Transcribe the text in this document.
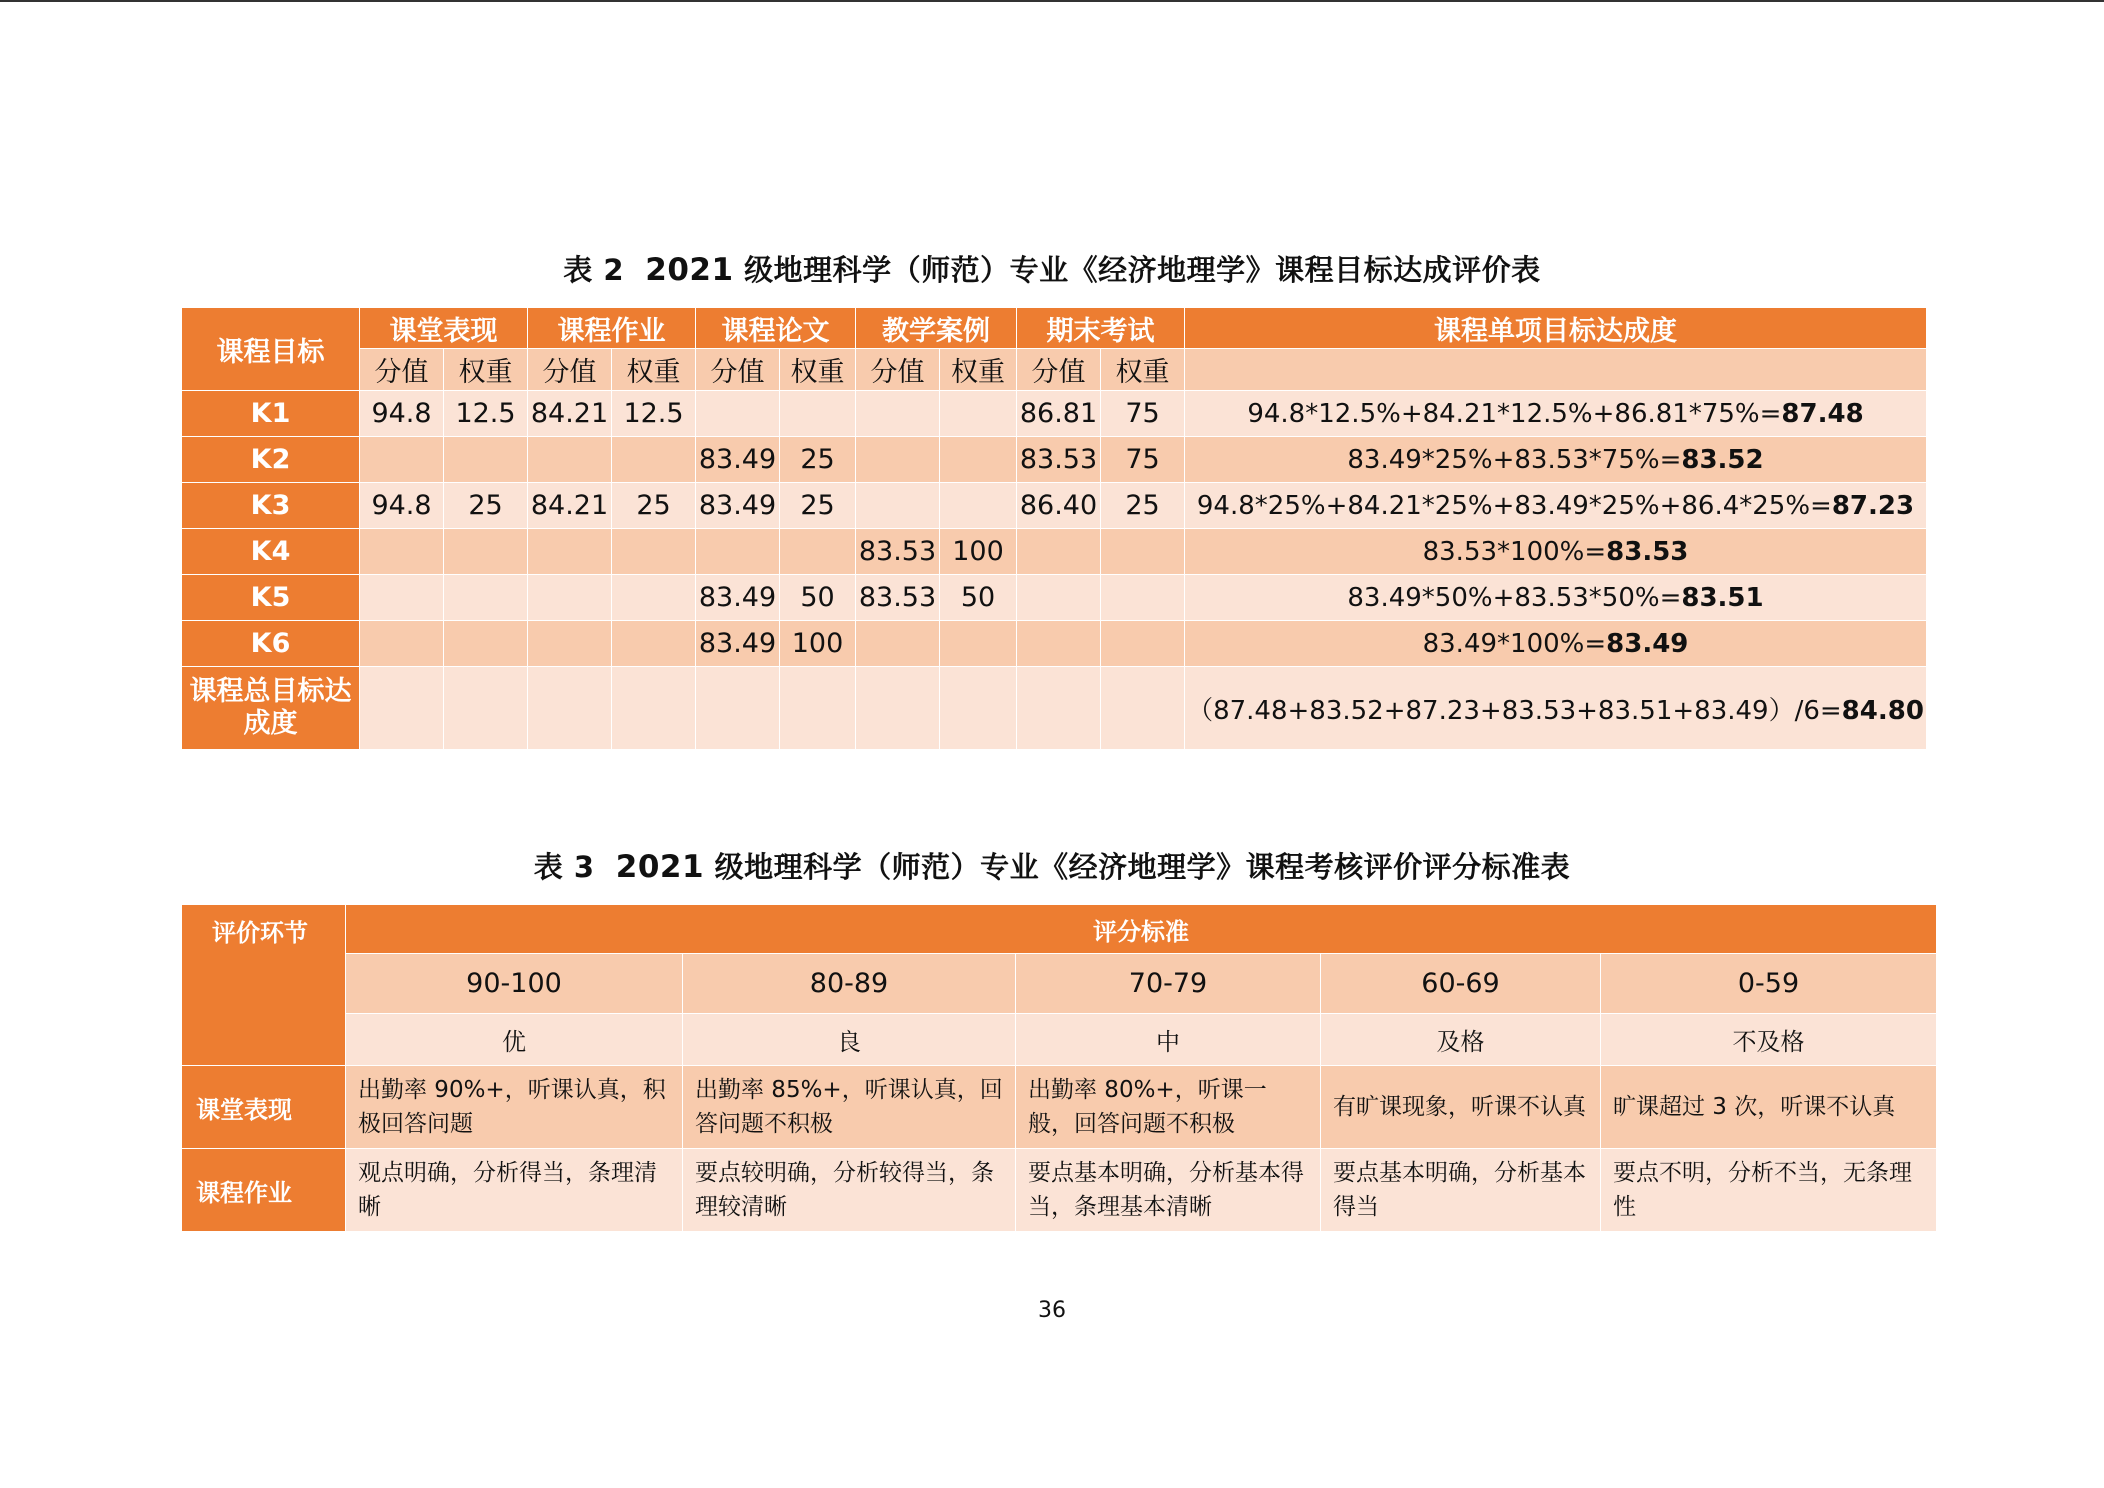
表 2 2021 级地理科学（师范）专业《经济地理学》课程目标达成评价表
课程目标	课堂表现		课程作业		课程论文		教学案例		期末考试		课程单项目标达成度
	分值	权重	分值	权重	分值	权重	分值	权重	分值	权重	
K1	94.8	12.5	84.21	12.5					86.81	75	94.8*12.5%+84.21*12.5%+86.81*75%=87.48
K2					83.49	25			83.53	75	83.49*25%+83.53*75%=83.52
K3	94.8	25	84.21	25	83.49	25			86.40	25	94.8*25%+84.21*25%+83.49*25%+86.4*25%=87.23
K4							83.53	100			83.53*100%=83.53
K5					83.49	50	83.53	50			83.49*50%+83.53*50%=83.51
K6					83.49	100					83.49*100%=83.49
课程总目标达
成度											（87.48+83.52+87.23+83.53+83.51+83.49）/6=84.80
表 3 2021 级地理科学（师范）专业《经济地理学》课程考核评价评分标准表
评价环节	评分标准				
	90-100	80-89	70-79	60-69	0-59
	优	良	中	及格	不及格
课堂表现	出勤率 90%+，听课认真，积极回答问题	出勤率 85%+，听课认真，回答问题不积极	出勤率 80%+，听课一般，回答问题不积极	有旷课现象，听课不认真	旷课超过 3 次，听课不认真
课程作业	观点明确，分析得当，条理清晰	要点较明确，分析较得当，条理较清晰	要点基本明确，分析基本得当，条理基本清晰	要点基本明确，分析基本得当	要点不明，分析不当，无条理性
36
